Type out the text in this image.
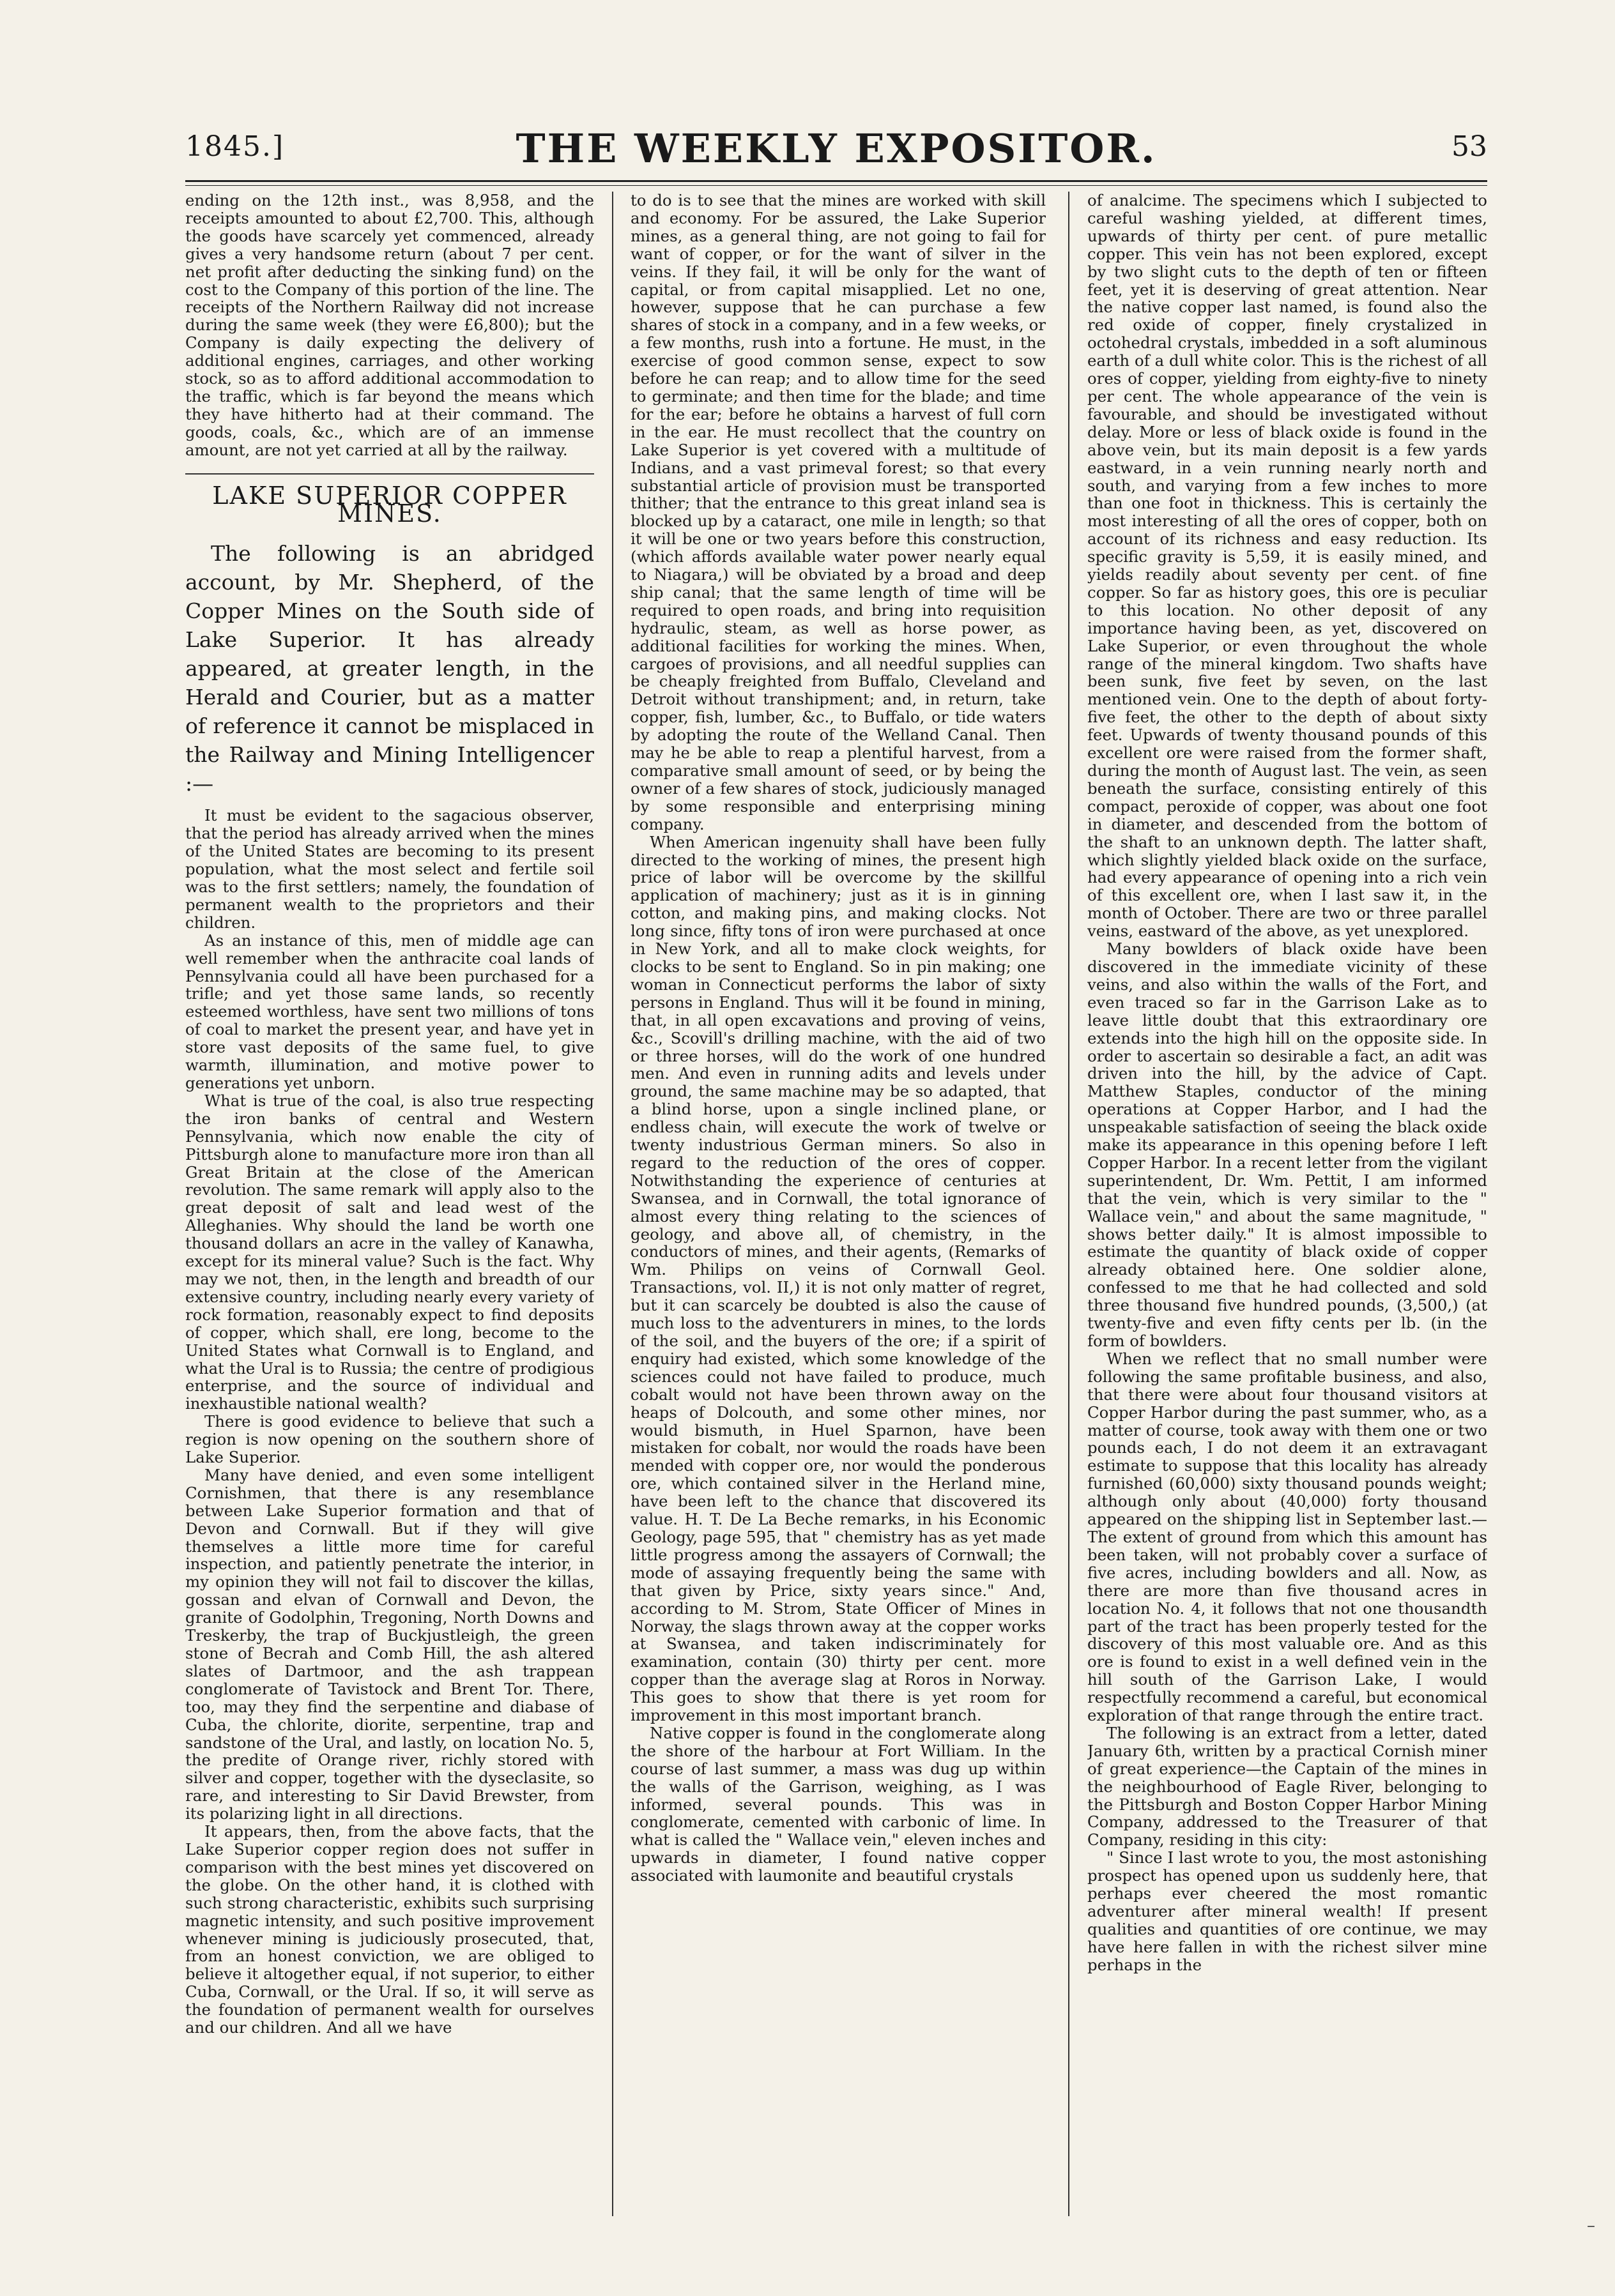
1845.]	THE WEEKLY EXPOSITOR.	53

ending on the 12th inst., was 8,958, and the receipts amounted to about £2,700. This, although the goods have scarcely yet commenced, already gives a very handsome return (about 7 per cent. net profit after deducting the sinking fund) on the cost to the Company of this portion of the line. The receipts of the Northern Railway did not increase during the same week (they were £6,800); but the Company is daily expecting the delivery of additional engines, carriages, and other working stock, so as to afford additional accommodation to the traffic, which is far beyond the means which they have hitherto had at their command. The goods, coals, &c., which are of an immense amount, are not yet carried at all by the railway.

LAKE SUPERIOR COPPER MINES.

The following is an abridged account, by Mr. Shepherd, of the Copper Mines on the South side of Lake Superior. It has already appeared, at greater length, in the Herald and Courier, but as a matter of reference it cannot be misplaced in the Railway and Mining Intelligencer :—

It must be evident to the sagacious observer, that the period has already arrived when the mines of the United States are becoming to its present population, what the most select and fertile soil was to the first settlers; namely, the foundation of permanent wealth to the proprietors and their children.

As an instance of this, men of middle age can well remember when the anthracite coal lands of Pennsylvania could all have been purchased for a trifle; and yet those same lands, so recently esteemed worthless, have sent two millions of tons of coal to market the present year, and have yet in store vast deposits of the same fuel, to give warmth, illumination, and motive power to generations yet unborn.

What is true of the coal, is also true respecting the iron banks of central and Western Pennsylvania, which now enable the city of Pittsburgh alone to manufacture more iron than all Great Britain at the close of the American revolution. The same remark will apply also to the great deposit of salt and lead west of the Alleghanies. Why should the land be worth one thousand dollars an acre in the valley of Kanawha, except for its mineral value? Such is the fact. Why may we not, then, in the length and breadth of our extensive country, including nearly every variety of rock formation, reasonably expect to find deposits of copper, which shall, ere long, become to the United States what Cornwall is to England, and what the Ural is to Russia; the centre of prodigious enterprise, and the source of individual and inexhaustible national wealth?

There is good evidence to believe that such a region is now opening on the southern shore of Lake Superior.

Many have denied, and even some intelligent Cornishmen, that there is any resemblance between Lake Superior formation and that of Devon and Cornwall. But if they will give themselves a little more time for careful inspection, and patiently penetrate the interior, in my opinion they will not fail to discover the killas, gossan and elvan of Cornwall and Devon, the granite of Godolphin, Tregoning, North Downs and Treskerby, the trap of Buckjustleigh, the green stone of Becrah and Comb Hill, the ash altered slates of Dartmoor, and the ash trappean conglomerate of Tavistock and Brent Tor. There, too, may they find the serpentine and diabase of Cuba, the chlorite, diorite, serpentine, trap and sandstone of the Ural, and lastly, on location No. 5, the predite of Orange river, richly stored with silver and copper, together with the dyseclasite, so rare, and interesting to Sir David Brewster, from its polarizing light in all directions.

It appears, then, from the above facts, that the Lake Superior copper region does not suffer in comparison with the best mines yet discovered on the globe. On the other hand, it is clothed with such strong characteristic, exhibits such surprising magnetic intensity, and such positive improvement whenever mining is judiciously prosecuted, that, from an honest conviction, we are obliged to believe it altogether equal, if not superior, to either Cuba, Cornwall, or the Ural. If so, it will serve as the foundation of permanent wealth for ourselves and our children. And all we have

to do is to see that the mines are worked with skill and economy. For be assured, the Lake Superior mines, as a general thing, are not going to fail for want of copper, or for the want of silver in the veins. If they fail, it will be only for the want of capital, or from capital misapplied. Let no one, however, suppose that he can purchase a few shares of stock in a company, and in a few weeks, or a few months, rush into a fortune. He must, in the exercise of good common sense, expect to sow before he can reap; and to allow time for the seed to germinate; and then time for the blade; and time for the ear; before he obtains a harvest of full corn in the ear. He must recollect that the country on Lake Superior is yet covered with a multitude of Indians, and a vast primeval forest; so that every substantial article of provision must be transported thither; that the entrance to this great inland sea is blocked up by a cataract, one mile in length; so that it will be one or two years before this construction, (which affords available water power nearly equal to Niagara,) will be obviated by a broad and deep ship canal; that the same length of time will be required to open roads, and bring into requisition hydraulic, steam, as well as horse power, as additional facilities for working the mines. When, cargoes of provisions, and all needful supplies can be cheaply freighted from Buffalo, Cleveland and Detroit without transhipment; and, in return, take copper, fish, lumber, &c., to Buffalo, or tide waters by adopting the route of the Welland Canal. Then may he be able to reap a plentiful harvest, from a comparative small amount of seed, or by being the owner of a few shares of stock, judiciously managed by some responsible and enterprising mining company.

When American ingenuity shall have been fully directed to the working of mines, the present high price of labor will be overcome by the skillful application of machinery; just as it is in ginning cotton, and making pins, and making clocks. Not long since, fifty tons of iron were purchased at once in New York, and all to make clock weights, for clocks to be sent to England. So in pin making; one woman in Connecticut performs the labor of sixty persons in England. Thus will it be found in mining, that, in all open excavations and proving of veins, &c., Scovill's drilling machine, with the aid of two or three horses, will do the work of one hundred men. And even in running adits and levels under ground, the same machine may be so adapted, that a blind horse, upon a single inclined plane, or endless chain, will execute the work of twelve or twenty industrious German miners. So also in regard to the reduction of the ores of copper. Notwithstanding the experience of centuries at Swansea, and in Cornwall, the total ignorance of almost every thing relating to the sciences of geology, and above all, of chemistry, in the conductors of mines, and their agents, (Remarks of Wm. Philips on veins of Cornwall Geol. Transactions, vol. II,) it is not only matter of regret, but it can scarcely be doubted is also the cause of much loss to the adventurers in mines, to the lords of the soil, and the buyers of the ore; if a spirit of enquiry had existed, which some knowledge of the sciences could not have failed to produce, much cobalt would not have been thrown away on the heaps of Dolcouth, and some other mines, nor would bismuth, in Huel Sparnon, have been mistaken for cobalt, nor would the roads have been mended with copper ore, nor would the ponderous ore, which contained silver in the Herland mine, have been left to the chance that discovered its value. H. T. De La Beche remarks, in his Economic Geology, page 595, that " chemistry has as yet made little progress among the assayers of Cornwall; the mode of assaying frequently being the same with that given by Price, sixty years since." And, according to M. Strom, State Officer of Mines in Norway, the slags thrown away at the copper works at Swansea, and taken indiscriminately for examination, contain (30) thirty per cent. more copper than the average slag at Roros in Norway. This goes to show that there is yet room for improvement in this most important branch.

Native copper is found in the conglomerate along the shore of the harbour at Fort William. In the course of last summer, a mass was dug up within the walls of the Garrison, weighing, as I was informed, several pounds. This was in conglomerate, cemented with carbonic of lime. In what is called the " Wallace vein," eleven inches and upwards in diameter, I found native copper associated with laumonite and beautiful crystals

of analcime. The specimens which I subjected to careful washing yielded, at different times, upwards of thirty per cent. of pure metallic copper. This vein has not been explored, except by two slight cuts to the depth of ten or fifteen feet, yet it is deserving of great attention. Near the native copper last named, is found also the red oxide of copper, finely crystalized in octohedral crystals, imbedded in a soft aluminous earth of a dull white color. This is the richest of all ores of copper, yielding from eighty-five to ninety per cent. The whole appearance of the vein is favourable, and should be investigated without delay. More or less of black oxide is found in the above vein, but its main deposit is a few yards eastward, in a vein running nearly north and south, and varying from a few inches to more than one foot in thickness. This is certainly the most interesting of all the ores of copper, both on account of its richness and easy reduction. Its specific gravity is 5,59, it is easily mined, and yields readily about seventy per cent. of fine copper. So far as history goes, this ore is peculiar to this location. No other deposit of any importance having been, as yet, discovered on Lake Superior, or even throughout the whole range of the mineral kingdom. Two shafts have been sunk, five feet by seven, on the last mentioned vein. One to the depth of about forty-five feet, the other to the depth of about sixty feet. Upwards of twenty thousand pounds of this excellent ore were raised from the former shaft, during the month of August last. The vein, as seen beneath the surface, consisting entirely of this compact, peroxide of copper, was about one foot in diameter, and descended from the bottom of the shaft to an unknown depth. The latter shaft, which slightly yielded black oxide on the surface, had every appearance of opening into a rich vein of this excellent ore, when I last saw it, in the month of October. There are two or three parallel veins, eastward of the above, as yet unexplored.

Many bowlders of black oxide have been discovered in the immediate vicinity of these veins, and also within the walls of the Fort, and even traced so far in the Garrison Lake as to leave little doubt that this extraordinary ore extends into the high hill on the opposite side. In order to ascertain so desirable a fact, an adit was driven into the hill, by the advice of Capt. Matthew Staples, conductor of the mining operations at Copper Harbor, and I had the unspeakable satisfaction of seeing the black oxide make its appearance in this opening before I left Copper Harbor. In a recent letter from the vigilant superintendent, Dr. Wm. Pettit, I am informed that the vein, which is very similar to the " Wallace vein," and about the same magnitude, " shows better daily." It is almost impossible to estimate the quantity of black oxide of copper already obtained here. One soldier alone, confessed to me that he had collected and sold three thousand five hundred pounds, (3,500,) (at twenty-five and even fifty cents per lb. (in the form of bowlders.

When we reflect that no small number were following the same profitable business, and also, that there were about four thousand visitors at Copper Harbor during the past summer, who, as a matter of course, took away with them one or two pounds each, I do not deem it an extravagant estimate to suppose that this locality has already furnished (60,000) sixty thousand pounds weight; although only about (40,000) forty thousand appeared on the shipping list in September last.— The extent of ground from which this amount has been taken, will not probably cover a surface of five acres, including bowlders and all. Now, as there are more than five thousand acres in location No. 4, it follows that not one thousandth part of the tract has been properly tested for the discovery of this most valuable ore. And as this ore is found to exist in a well defined vein in the hill south of the Garrison Lake, I would respectfully recommend a careful, but economical exploration of that range through the entire tract.

The following is an extract from a letter, dated January 6th, written by a practical Cornish miner of great experience—the Captain of the mines in the neighbourhood of Eagle River, belonging to the Pittsburgh and Boston Copper Harbor Mining Company, addressed to the Treasurer of that Company, residing in this city:

" Since I last wrote to you, the most astonishing prospect has opened upon us suddenly here, that perhaps ever cheered the most romantic adventurer after mineral wealth! If present qualities and quantities of ore continue, we may have here fallen in with the richest silver mine perhaps in the

–
